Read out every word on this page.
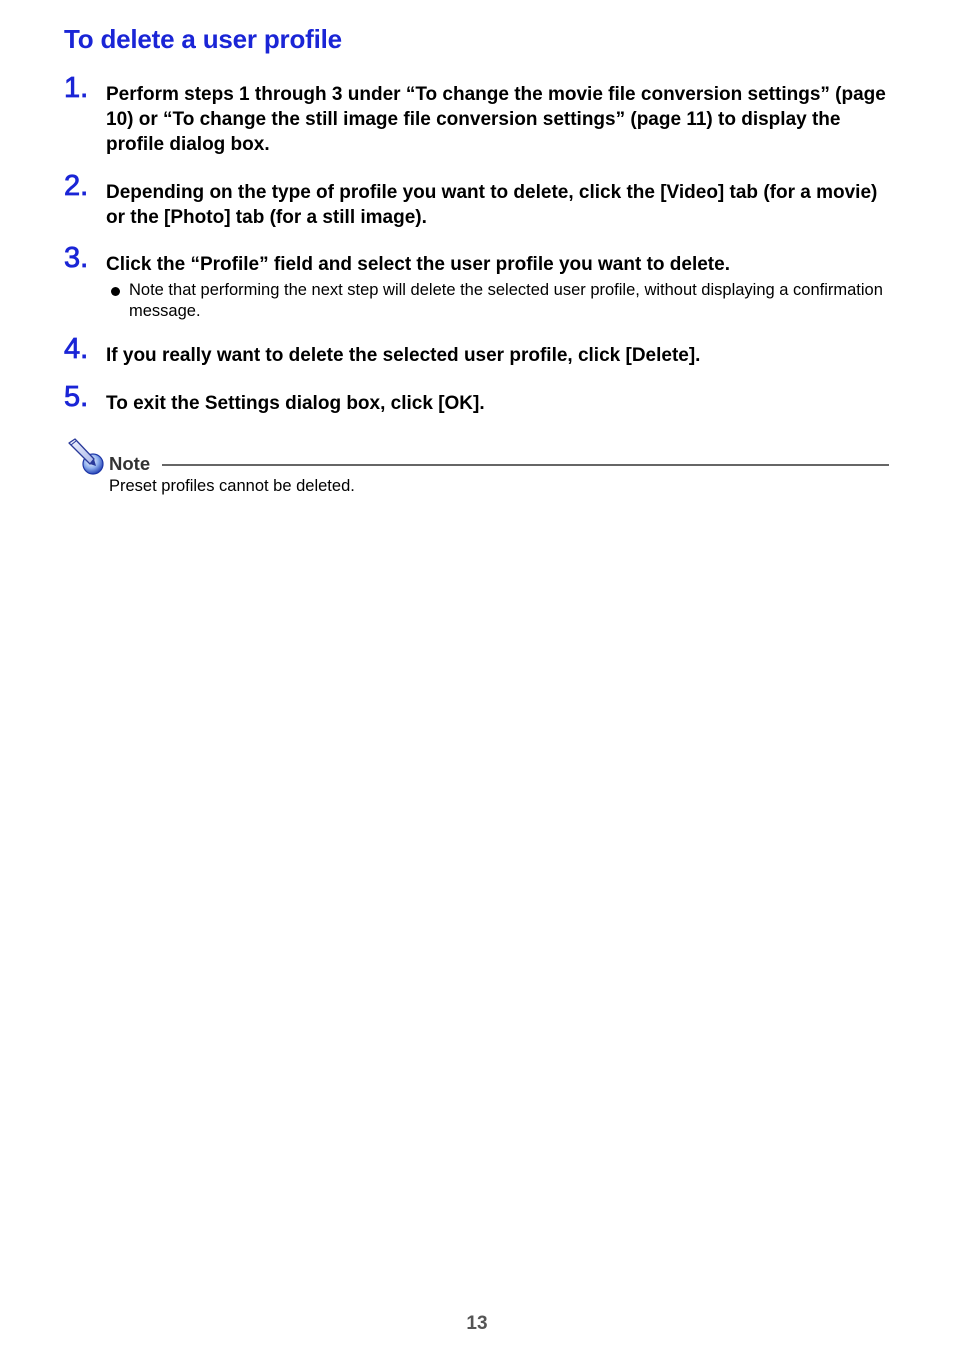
To delete a user profile
1. Perform steps 1 through 3 under “To change the movie file conversion settings” (page 10) or “To change the still image file conversion settings” (page 11) to display the profile dialog box.

2. Depending on the type of profile you want to delete, click the [Video] tab (for a movie) or the [Photo] tab (for a still image).

3. Click the “Profile” field and select the user profile you want to delete.

Note that performing the next step will delete the selected user profile, without displaying a confirmation message.

4. If you really want to delete the selected user profile, click [Delete].

5. To exit the Settings dialog box, click [OK].

Note

Preset profiles cannot be deleted.

13
